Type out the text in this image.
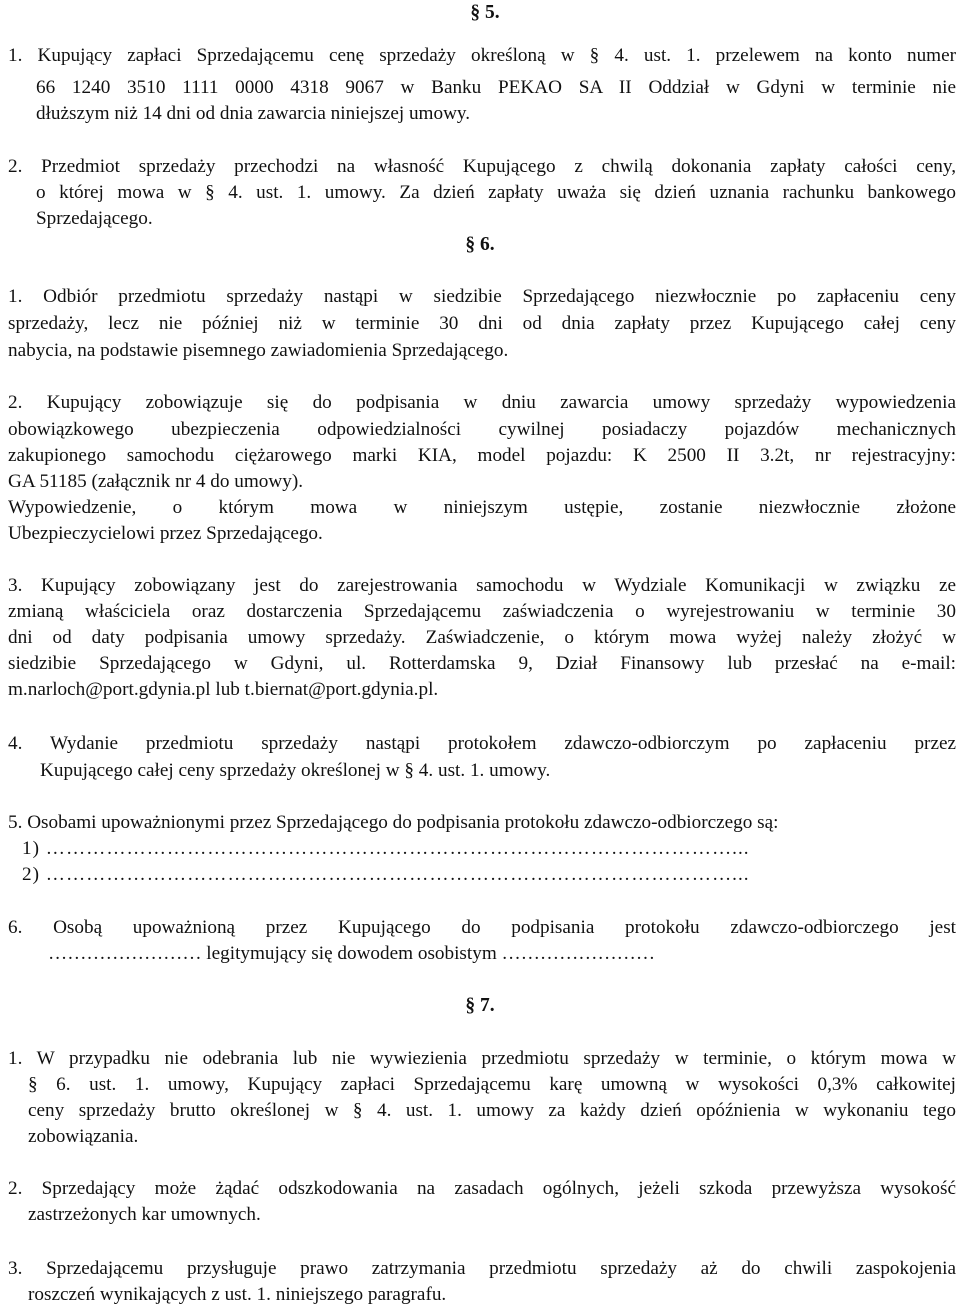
§ 5.
1. Kupujący zapłaci Sprzedającemu cenę sprzedaży określoną w § 4. ust. 1. przelewem na konto numer
66 1240 3510 1111 0000 4318 9067 w Banku PEKAO SA II Oddział w Gdyni w terminie nie
dłuższym niż 14 dni od dnia zawarcia niniejszej umowy.
2. Przedmiot sprzedaży przechodzi na własność Kupującego z chwilą dokonania zapłaty całości ceny,
o której mowa w § 4. ust. 1. umowy. Za dzień zapłaty uważa się dzień uznania rachunku bankowego
Sprzedającego.
§ 6.
1. Odbiór przedmiotu sprzedaży nastąpi w siedzibie Sprzedającego niezwłocznie po zapłaceniu ceny
sprzedaży, lecz nie później niż w terminie 30 dni od dnia zapłaty przez Kupującego całej ceny
nabycia, na podstawie pisemnego zawiadomienia Sprzedającego.
2. Kupujący zobowiązuje się do podpisania w dniu zawarcia umowy sprzedaży wypowiedzenia
obowiązkowego ubezpieczenia odpowiedzialności cywilnej posiadaczy pojazdów mechanicznych
zakupionego samochodu ciężarowego marki KIA, model pojazdu: K 2500 II 3.2t, nr rejestracyjny:
GA 51185 (załącznik nr 4 do umowy).
Wypowiedzenie, o którym mowa w niniejszym ustępie, zostanie niezwłocznie złożone
Ubezpieczycielowi przez Sprzedającego.
3. Kupujący zobowiązany jest do zarejestrowania samochodu w Wydziale Komunikacji w związku ze
zmianą właściciela oraz dostarczenia Sprzedającemu zaświadczenia o wyrejestrowaniu w terminie 30
dni od daty podpisania umowy sprzedaży. Zaświadczenie, o którym mowa wyżej należy złożyć w
siedzibie Sprzedającego w Gdyni, ul. Rotterdamska 9, Dział Finansowy lub przesłać na e-mail:
m.narloch@port.gdynia.pl lub t.biernat@port.gdynia.pl.
4. Wydanie przedmiotu sprzedaży nastąpi protokołem zdawczo-odbiorczym po zapłaceniu przez
Kupującego całej ceny sprzedaży określonej w § 4. ust. 1. umowy.
5. Osobami upoważnionymi przez Sprzedającego do podpisania protokołu zdawczo-odbiorczego są:
1) …………………………………………………………………………………………...
2) …………………………………………………………………………………………...
6. Osobą upoważnioną przez Kupującego do podpisania protokołu zdawczo-odbiorczego jest
…………………… legitymujący się dowodem osobistym ……………………
§ 7.
1. W przypadku nie odebrania lub nie wywiezienia przedmiotu sprzedaży w terminie, o którym mowa w
§ 6. ust. 1. umowy, Kupujący zapłaci Sprzedającemu karę umowną w wysokości 0,3% całkowitej
ceny sprzedaży brutto określonej w § 4. ust. 1. umowy za każdy dzień opóźnienia w wykonaniu tego
zobowiązania.
2. Sprzedający może żądać odszkodowania na zasadach ogólnych, jeżeli szkoda przewyższa wysokość
zastrzeżonych kar umownych.
3. Sprzedającemu przysługuje prawo zatrzymania przedmiotu sprzedaży aż do chwili zaspokojenia
roszczeń wynikających z ust. 1. niniejszego paragrafu.
